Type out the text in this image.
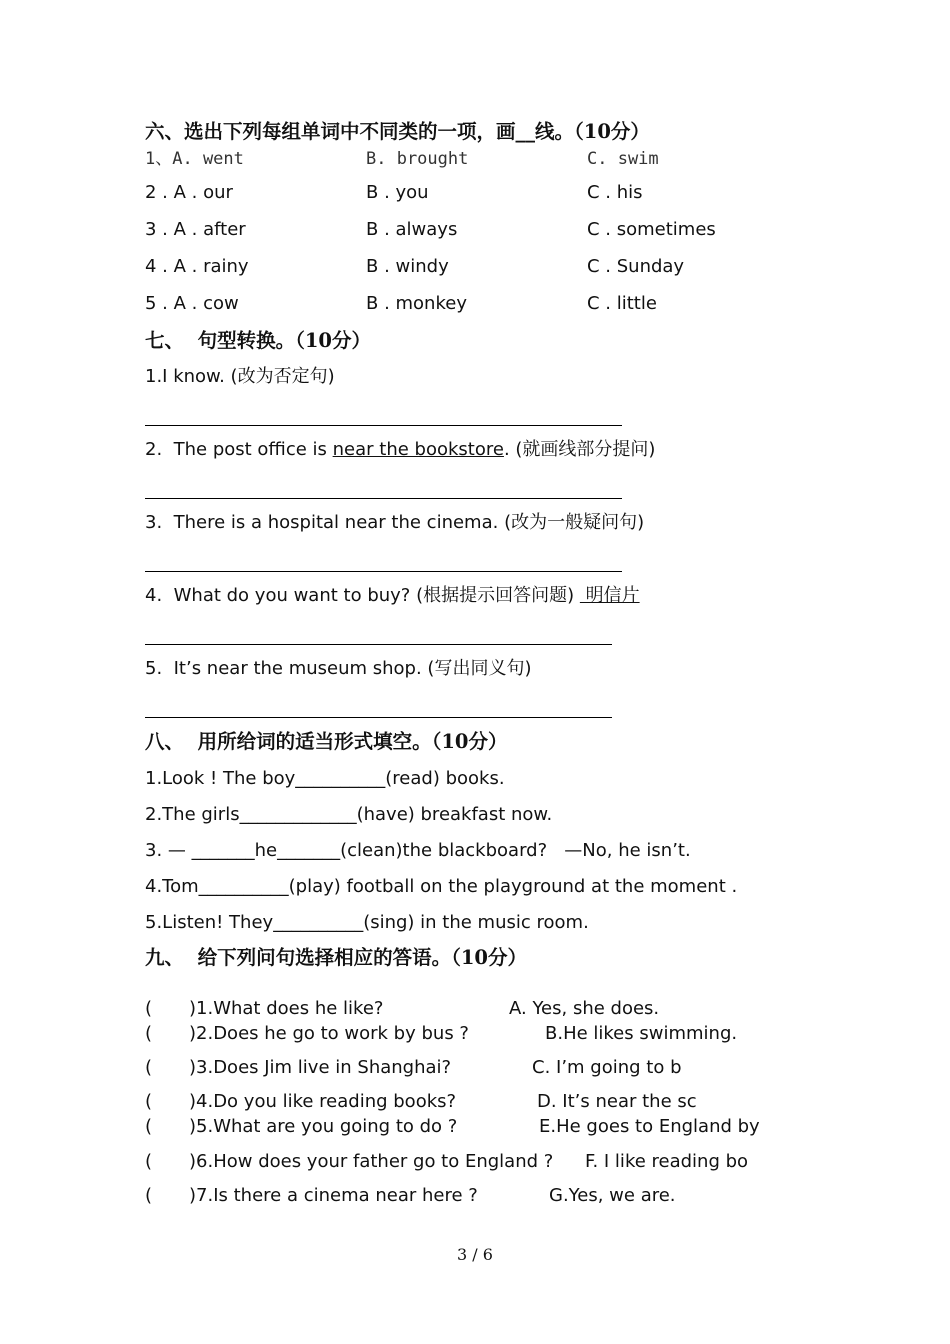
六、选出下列每组单词中不同类的一项，画__线。（10分）
1、A. went	B. brought	C. swim
2 . A . our	B . you	C . his
3 . A . after	B . always	C . sometimes
4 . A . rainy	B . windy	C . Sunday
5 . A . cow	B . monkey	C . little
七、  句型转换。（10分）
1.I know. (改为否定句)
2.  The post office is near the bookstore. (就画线部分提问)
3.  There is a hospital near the cinema. (改为一般疑问句)
4.  What do you want to buy? (根据提示回答问题)  明信片
5.  It’s near the museum shop. (写出同义句)
八、  用所给词的适当形式填空。（10分）
1.Look ! The boy__________(read) books.
2.The girls_____________(have) breakfast now.
3. — _______he_______(clean)the blackboard?   —No, he isn’t.
4.Tom__________(play) football on the playground at the moment .
5.Listen! They__________(sing) in the music room.
九、  给下列问句选择相应的答语。（10分）
( )1.What does he like?	A. Yes, she does.
( )2.Does he go to work by bus ?	B.He likes swimming.
( )3.Does Jim live in Shanghai?	C. I’m going to b
( )4.Do you like reading books?	D. It’s near the sc
( )5.What are you going to do ?	E.He goes to England by
( )6.How does your father go to England ? F. I like reading bo
( )7.Is there a cinema near here ?	G.Yes, we are.
3 / 6
